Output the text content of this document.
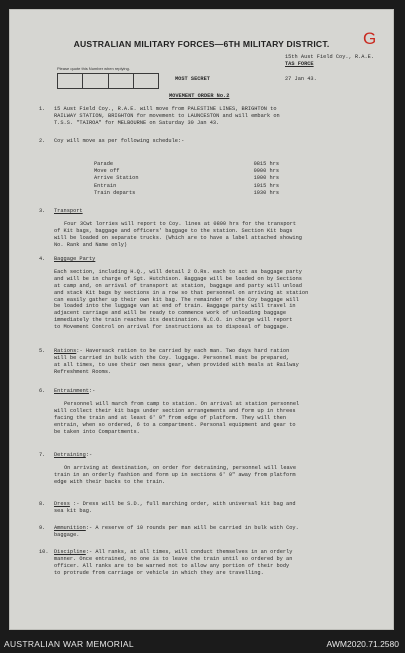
AUSTRALIAN MILITARY FORCES—6TH MILITARY DISTRICT.	G
Please quote this Number when replying.
15th Aust Field Coy., R.A.E.
TAS FORCE
MOST SECRET	27 Jan 43.
MOVEMENT ORDER No.2
1. 15 Aust Field Coy., R.A.E. will move from PALESTINE LINES, BRIGHTON to
RAILWAY STATION, BRIGHTON for movement to LAUNCESTON and will embark on
T.S.S. "TAIROA" for MELBOURNE on Saturday 30 Jan 43.
2. Coy will move as per following schedule:-
Parade	0815 hrs
Move off	0900 hrs
Arrive Station	1000 hrs
Entrain	1015 hrs
Train departs	1030 hrs
3. Transport
Four 3Cwt lorries will report to Coy. lines at 0800 hrs for the transport
of Kit bags, baggage and officers' baggage to the station. Section Kit bags
will be loaded on separate trucks. (Which are to have a label attached showing
No. Rank and Name only)
4. Baggage Party
Each section, including H.Q., will detail 2 O.Rs. each to act as baggage party
and will be in charge of Sgt. Hutchison. Baggage will be loaded on by Sections
at camp and, on arrival of transport at station, baggage and party will unload
and stack Kit bags by sections in a row so that personnel on arriving at station
can easily gather up their own kit bag. The remainder of the Coy baggage will
be loaded into the luggage van at end of train. Baggage party will travel in
adjacent carriage and will be ready to commence work of unloading baggage
immediately the train reaches its destination. N.C.O. in charge will report
to Movement Control on arrival for instructions as to disposal of baggage.
5. Rations:- Haversack ration to be carried by each man. Two days hard ration
will be carried in bulk with the Coy. luggage. Personnel must be prepared,
at all times, to use their own mess gear, when provided with meals at Railway
Refreshment Rooms.
6. Entrainment:-
Personnel will march from camp to station. On arrival at station personnel
will collect their kit bags under section arrangements and form up in threes
facing the train and at least 6' 0" from edge of platform. They will then
entrain, when so ordered, 6 to a compartment. Personal equipment and gear to
be taken into Compartments.
7. Detraining:-
On arriving at destination, on order for detraining, personnel will leave
train in an orderly fashion and form up in sections 6' 0" away from platform
edge with their backs to the train.
8. Dress :- Dress will be S.D., full marching order, with universal kit bag and
sea kit bag.
9. Ammunition:- A reserve of 10 rounds per man will be carried in bulk with Coy.
baggage.
10. Discipline:- All ranks, at all times, will conduct themselves in an orderly
manner. Once entrained, no one is to leave the train until so ordered by an
officer. All ranks are to be warned not to allow any portion of their body
to protrude from carriage or vehicle in which they are travelling.
AUSTRALIAN WAR MEMORIAL	AWM2020.71.2580
